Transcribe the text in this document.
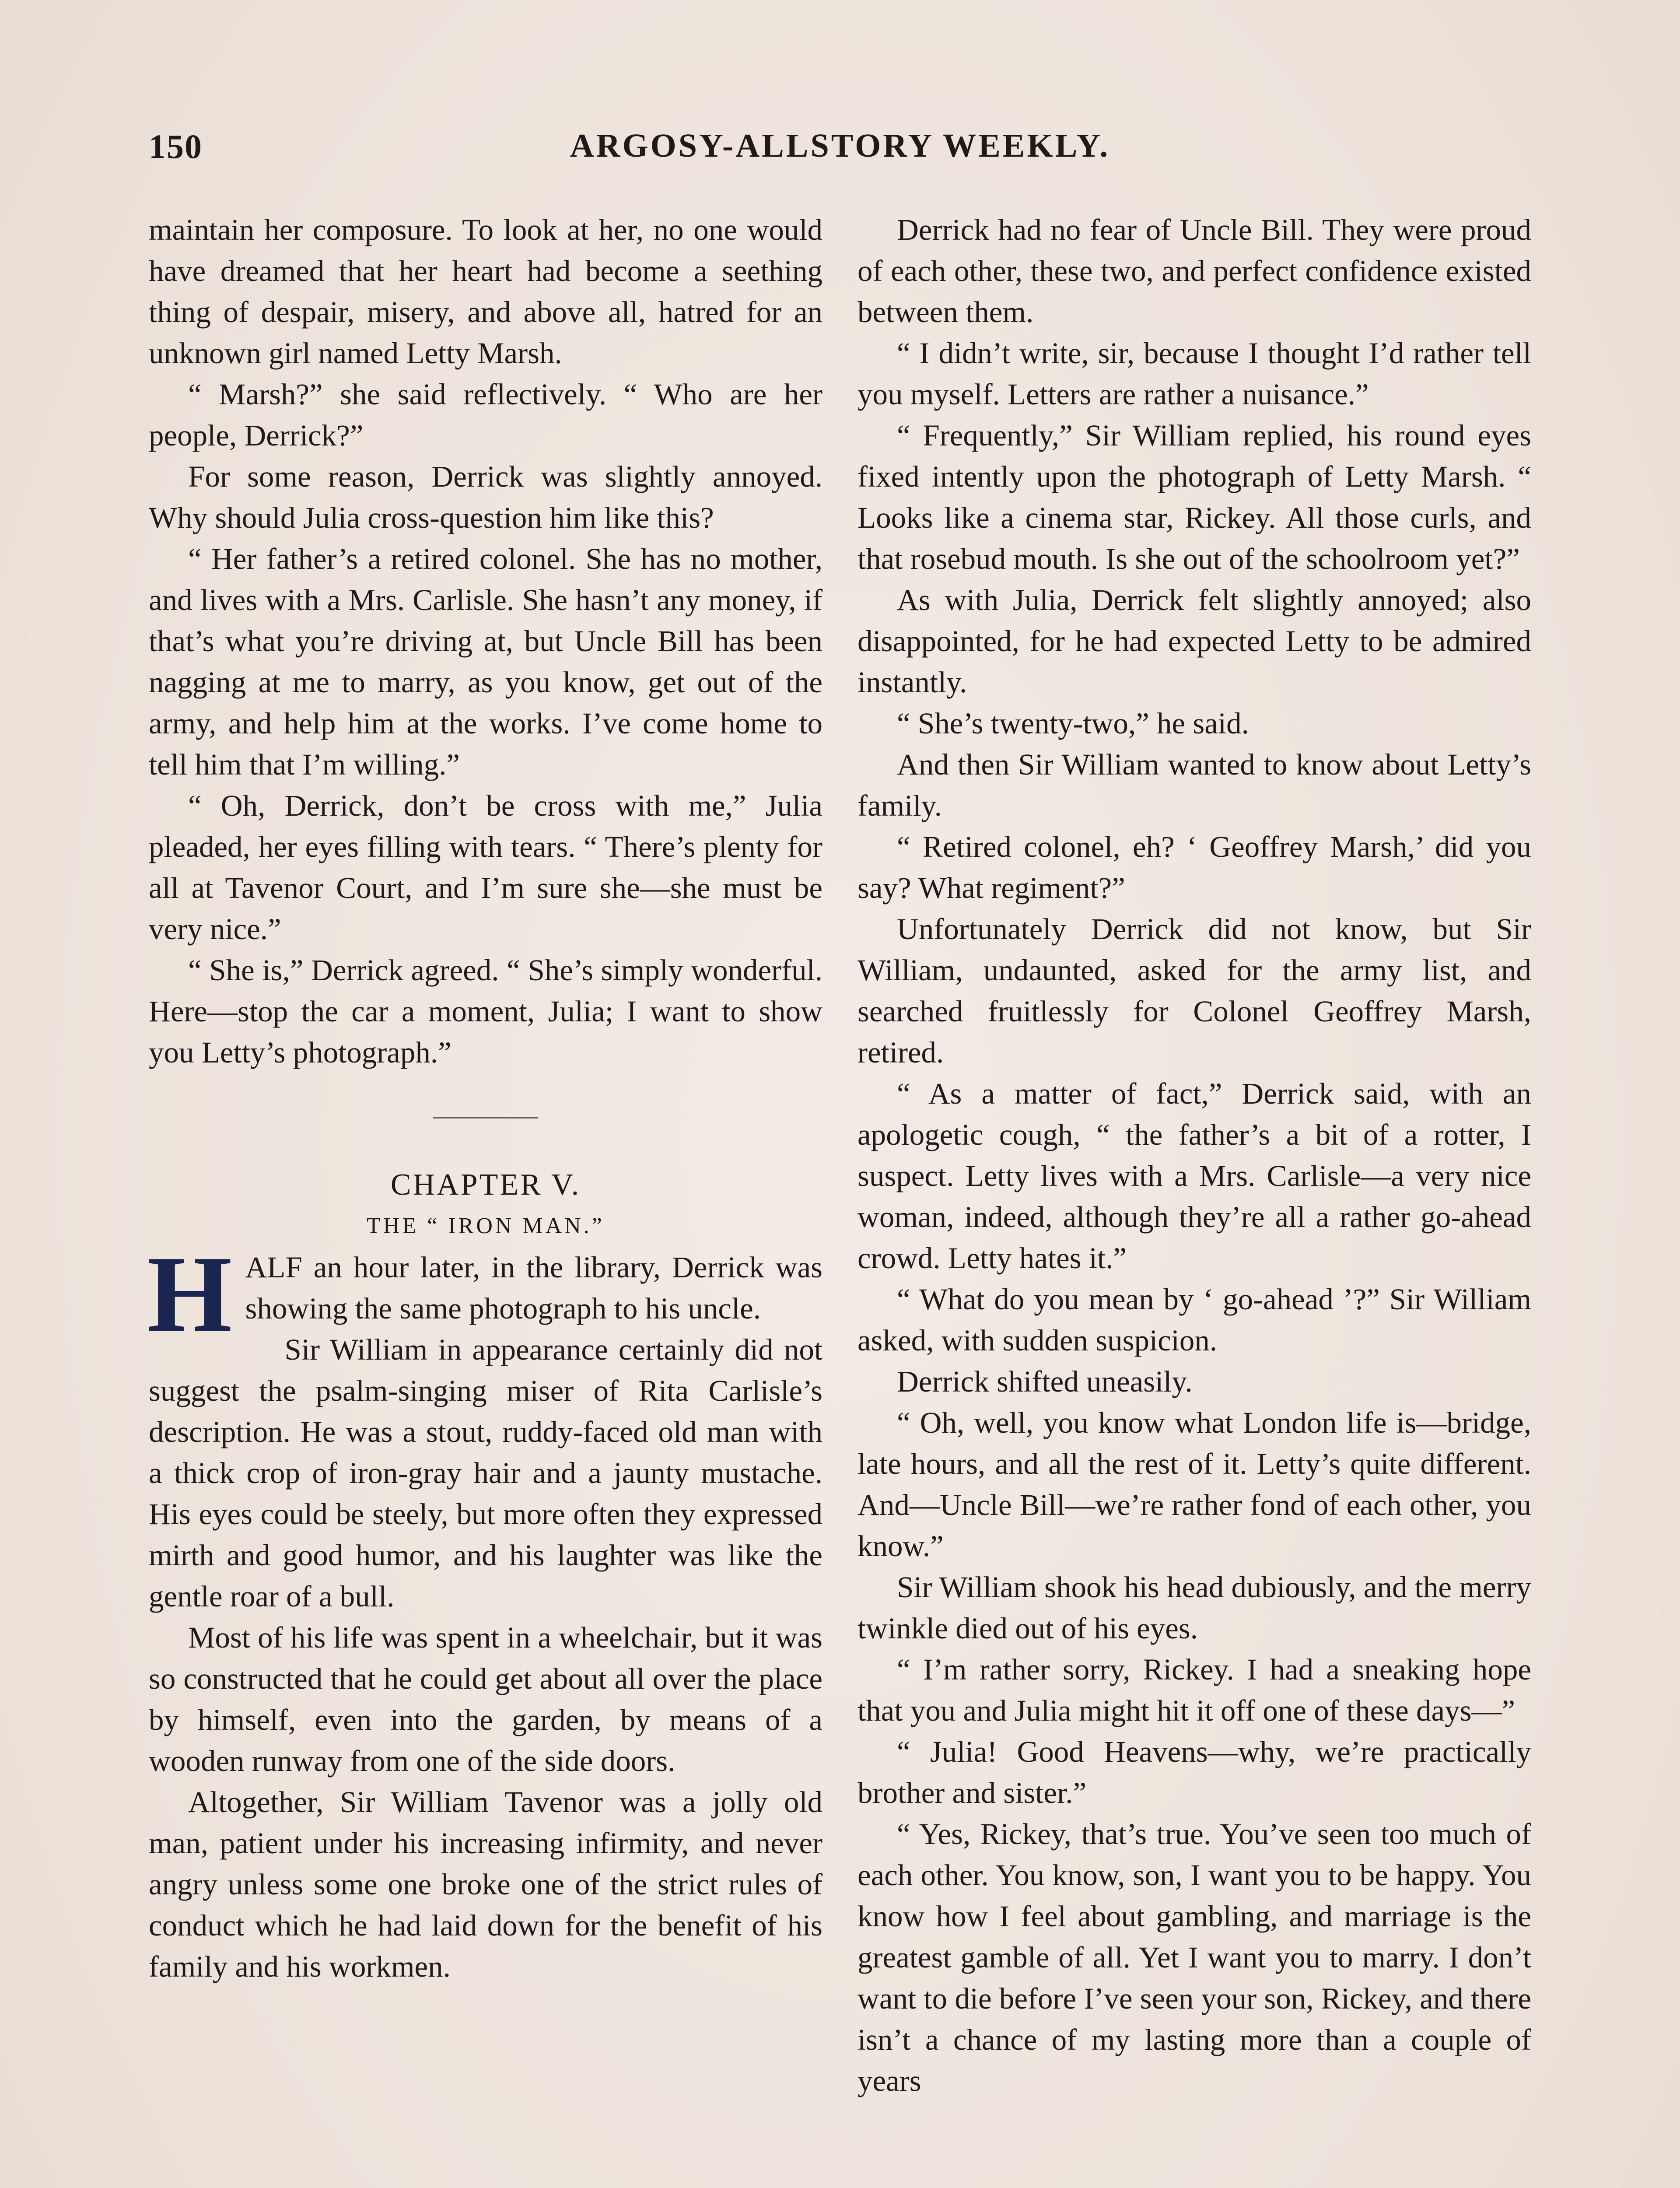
150	ARGOSY-ALLSTORY WEEKLY.

maintain her composure. To look at her, no one would have dreamed that her heart had become a seething thing of despair, misery, and above all, hatred for an unknown girl named Letty Marsh.

“ Marsh?” she said reflectively. “ Who are her people, Derrick?”

For some reason, Derrick was slightly annoyed. Why should Julia cross-question him like this?

“ Her father’s a retired colonel. She has no mother, and lives with a Mrs. Carlisle. She hasn’t any money, if that’s what you’re driving at, but Uncle Bill has been nagging at me to marry, as you know, get out of the army, and help him at the works. I’ve come home to tell him that I’m willing.”

“ Oh, Derrick, don’t be cross with me,” Julia pleaded, her eyes filling with tears. “ There’s plenty for all at Tavenor Court, and I’m sure she—she must be very nice.”

“ She is,” Derrick agreed. “ She’s simply wonderful. Here—stop the car a moment, Julia; I want to show you Letty’s photograph.”

CHAPTER V.

THE “ IRON MAN.”

HALF an hour later, in the library, Derrick was showing the same photograph to his uncle.

Sir William in appearance certainly did not suggest the psalm-singing miser of Rita Carlisle’s description. He was a stout, ruddy-faced old man with a thick crop of iron-gray hair and a jaunty mustache. His eyes could be steely, but more often they expressed mirth and good humor, and his laughter was like the gentle roar of a bull.

Most of his life was spent in a wheelchair, but it was so constructed that he could get about all over the place by himself, even into the garden, by means of a wooden runway from one of the side doors.

Altogether, Sir William Tavenor was a jolly old man, patient under his increasing infirmity, and never angry unless some one broke one of the strict rules of conduct which he had laid down for the benefit of his family and his workmen.

Derrick had no fear of Uncle Bill. They were proud of each other, these two, and perfect confidence existed between them.

“ I didn’t write, sir, because I thought I’d rather tell you myself. Letters are rather a nuisance.”

“ Frequently,” Sir William replied, his round eyes fixed intently upon the photograph of Letty Marsh. “ Looks like a cinema star, Rickey. All those curls, and that rosebud mouth. Is she out of the schoolroom yet?”

As with Julia, Derrick felt slightly annoyed; also disappointed, for he had expected Letty to be admired instantly.

“ She’s twenty-two,” he said.

And then Sir William wanted to know about Letty’s family.

“ Retired colonel, eh? ‘ Geoffrey Marsh,’ did you say? What regiment?”

Unfortunately Derrick did not know, but Sir William, undaunted, asked for the army list, and searched fruitlessly for Colonel Geoffrey Marsh, retired.

“ As a matter of fact,” Derrick said, with an apologetic cough, “ the father’s a bit of a rotter, I suspect. Letty lives with a Mrs. Carlisle—a very nice woman, indeed, although they’re all a rather go-ahead crowd. Letty hates it.”

“ What do you mean by ‘ go-ahead ’?” Sir William asked, with sudden suspicion.

Derrick shifted uneasily.

“ Oh, well, you know what London life is—bridge, late hours, and all the rest of it. Letty’s quite different. And—Uncle Bill—we’re rather fond of each other, you know.”

Sir William shook his head dubiously, and the merry twinkle died out of his eyes.

“ I’m rather sorry, Rickey. I had a sneaking hope that you and Julia might hit it off one of these days—”

“ Julia! Good Heavens—why, we’re practically brother and sister.”

“ Yes, Rickey, that’s true. You’ve seen too much of each other. You know, son, I want you to be happy. You know how I feel about gambling, and marriage is the greatest gamble of all. Yet I want you to marry. I don’t want to die before I’ve seen your son, Rickey, and there isn’t a chance of my lasting more than a couple of years
